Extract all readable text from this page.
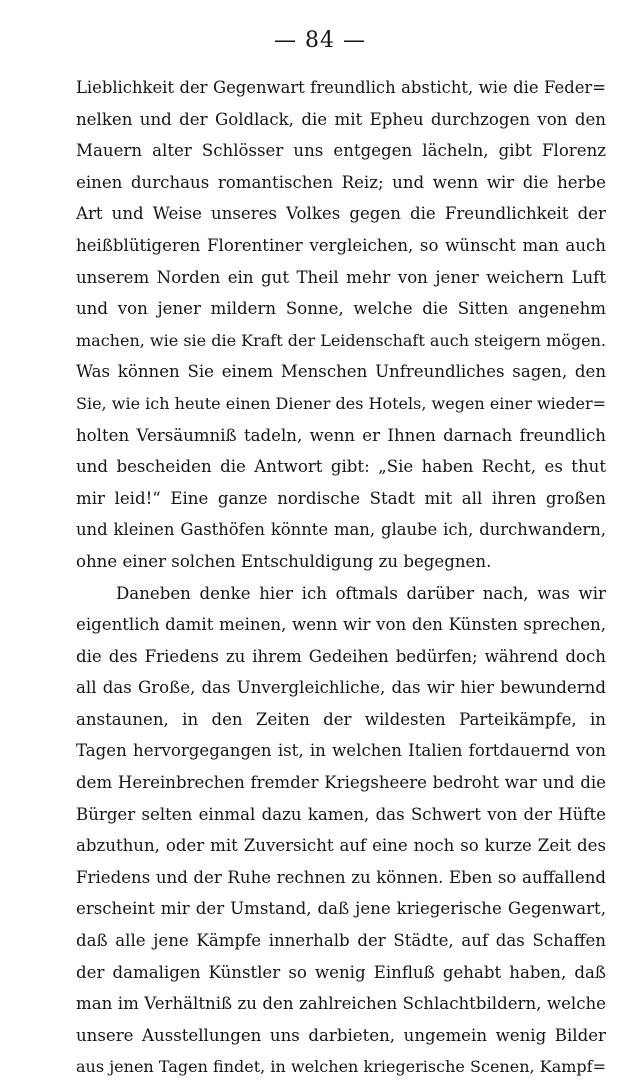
— 84 —
Lieblichkeit der Gegenwart freundlich absticht, wie die Feder=
nelken und der Goldlack, die mit Epheu durchzogen von den
Mauern alter Schlösser uns entgegen lächeln, gibt Florenz
einen durchaus romantischen Reiz; und wenn wir die herbe
Art und Weise unseres Volkes gegen die Freundlichkeit der
heißblütigeren Florentiner vergleichen, so wünscht man auch
unserem Norden ein gut Theil mehr von jener weichern Luft
und von jener mildern Sonne, welche die Sitten angenehm
machen, wie sie die Kraft der Leidenschaft auch steigern mögen.
Was können Sie einem Menschen Unfreundliches sagen, den
Sie, wie ich heute einen Diener des Hotels, wegen einer wieder=
holten Versäumniß tadeln, wenn er Ihnen darnach freundlich
und bescheiden die Antwort gibt: „Sie haben Recht, es thut
mir leid!“ Eine ganze nordische Stadt mit all ihren großen
und kleinen Gasthöfen könnte man, glaube ich, durchwandern,
ohne einer solchen Entschuldigung zu begegnen.
Daneben denke hier ich oftmals darüber nach, was wir
eigentlich damit meinen, wenn wir von den Künsten sprechen,
die des Friedens zu ihrem Gedeihen bedürfen; während doch
all das Große, das Unvergleichliche, das wir hier bewundernd
anstaunen, in den Zeiten der wildesten Parteikämpfe, in
Tagen hervorgegangen ist, in welchen Italien fortdauernd von
dem Hereinbrechen fremder Kriegsheere bedroht war und die
Bürger selten einmal dazu kamen, das Schwert von der Hüfte
abzuthun, oder mit Zuversicht auf eine noch so kurze Zeit des
Friedens und der Ruhe rechnen zu können. Eben so auffallend
erscheint mir der Umstand, daß jene kriegerische Gegenwart,
daß alle jene Kämpfe innerhalb der Städte, auf das Schaffen
der damaligen Künstler so wenig Einfluß gehabt haben, daß
man im Verhältniß zu den zahlreichen Schlachtbildern, welche
unsere Ausstellungen uns darbieten, ungemein wenig Bilder
aus jenen Tagen findet, in welchen kriegerische Scenen, Kampf=
